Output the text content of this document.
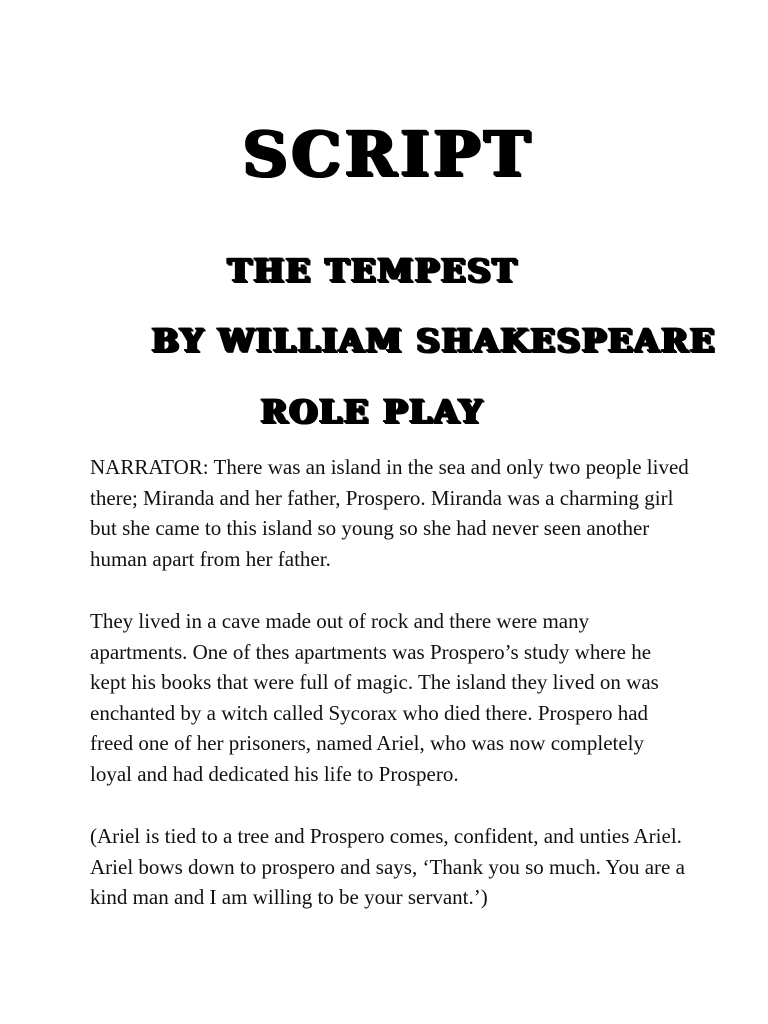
SCRIPT
THE TEMPEST
BY WILLIAM SHAKESPEARE
ROLE PLAY

NARRATOR: There was an island in the sea and only two people lived there; Miranda and her father, Prospero. Miranda was a charming girl but she came to this island so young so she had never seen another human apart from her father.

They lived in a cave made out of rock and there were many apartments. One of thes apartments was Prospero’s study where he kept his books that were full of magic. The island they lived on was enchanted by a witch called Sycorax who died there. Prospero had freed one of her prisoners, named Ariel, who was now completely loyal and had dedicated his life to Prospero.

(Ariel is tied to a tree and Prospero comes, confident, and unties Ariel. Ariel bows down to prospero and says, ‘Thank you so much. You are a kind man and I am willing to be your servant.’)
